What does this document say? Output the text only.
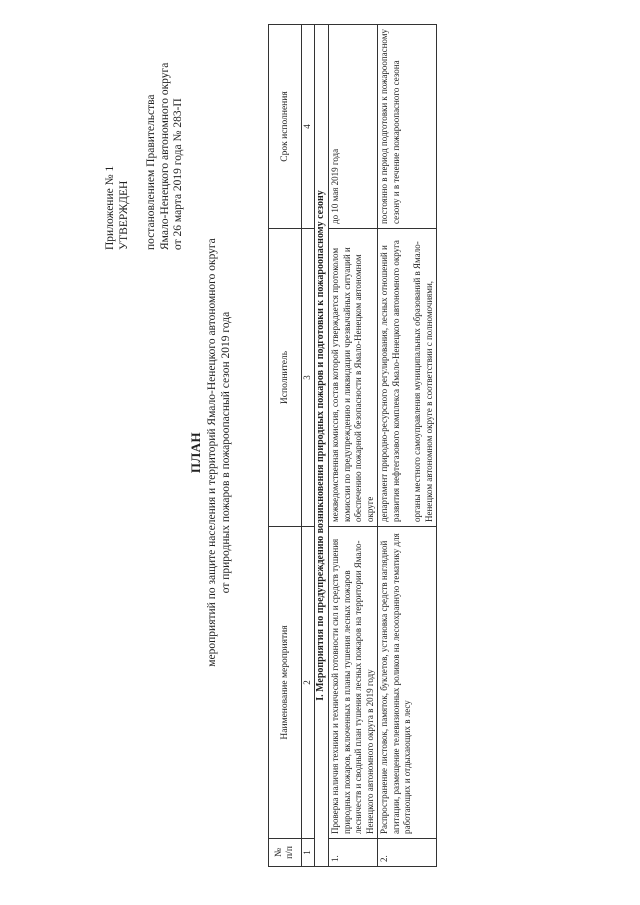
Приложение № 1 УТВЕРЖДЕН постановлением Правительства Ямало-Ненецкого автономного округа от 26 марта 2019 года № 283-П
ПЛАН мероприятий по защите населения и территорий Ямало-Ненецкого автономного округа от природных пожаров в пожароопасный сезон 2019 года
№ п/п	Наименование мероприятия	Исполнитель	Срок исполнения
1	2	3	4
I. Мероприятия по предупреждению возникновения природных пожаров и подготовки к пожароопасному сезону			
1.	Проверка наличия техники и технической готовности сил и средств тушения природных пожаров, включенных в планы тушения лесных пожаров лесничеств и сводный план тушения лесных пожаров на территории Ямало-Ненецкого автономного округа в 2019 году	межведомственная комиссия, состав которой утверждается протоколом комиссии по предупреждению и ликвидации чрезвычайных ситуаций и обеспечению пожарной безопасности в Ямало-Ненецком автономном округе	до 10 мая 2019 года
2.	Распространение листовок, памяток, буклетов, установка средств наглядной агитации, размещение телевизионных роликов на лесоохранную тематику для работающих и отдыхающих в лесу	департамент природно-ресурсного регулирования, лесных отношений и развития нефтегазового комплекса Ямало-Ненецкого автономного округа органы местного самоуправления муниципальных образований в Ямало-Ненецком автономном округе в соответствии с полномочиями,	постоянно в период подготовки к пожароопасному сезону и в течение пожароопасного сезона
